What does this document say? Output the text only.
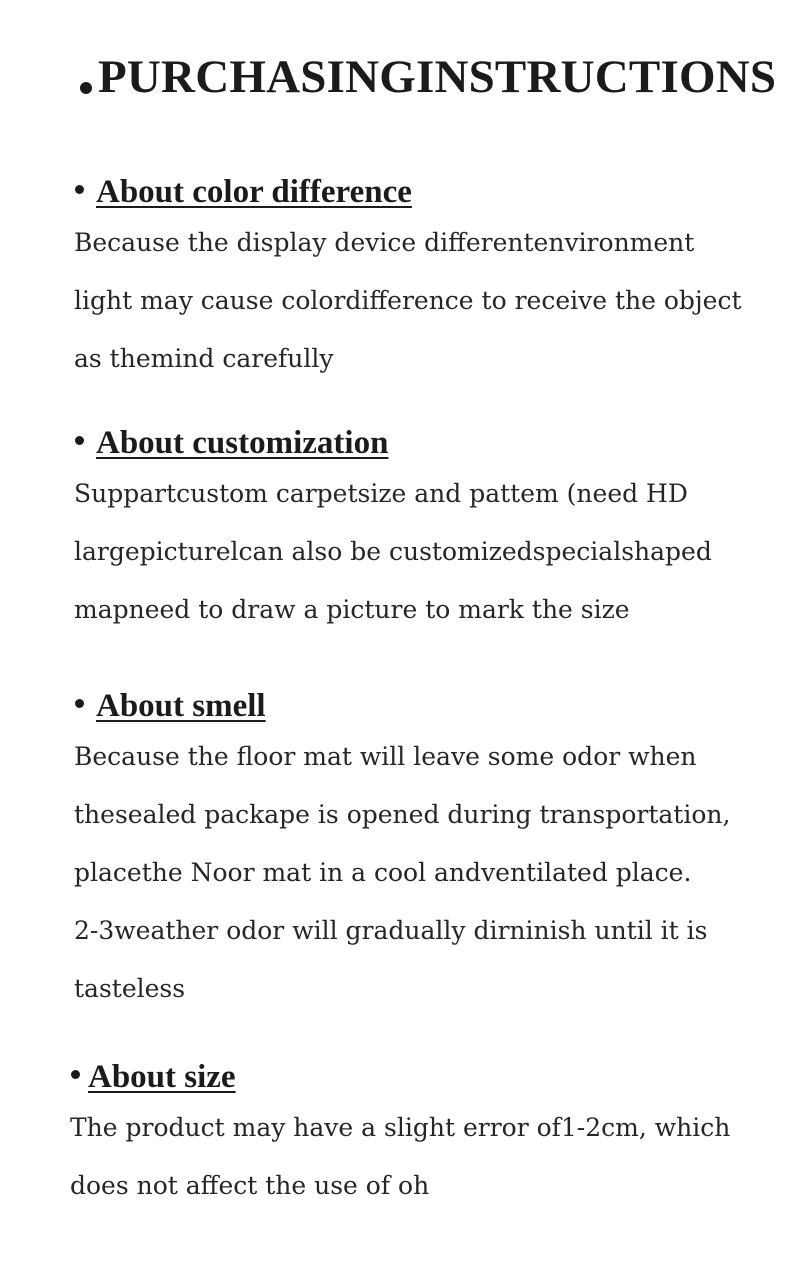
PURCHASINGINSTRUCTIONS
About color difference

Because the display device differentenvironment
light may cause colordifference to receive the object
as themind carefully

About customization

Suppartcustom carpetsize and pattem (need HD
largepicturelcan also be customizedspecialshaped
mapneed to draw a picture to mark the size

About smell

Because the floor mat will leave some odor when
thesealed packape is opened during transportation,
placethe Noor mat in a cool andventilated place.
2-3weather odor will gradually dirninish until it is
tasteless

About size

The product may have a slight error of1-2cm, which
does not affect the use of oh
